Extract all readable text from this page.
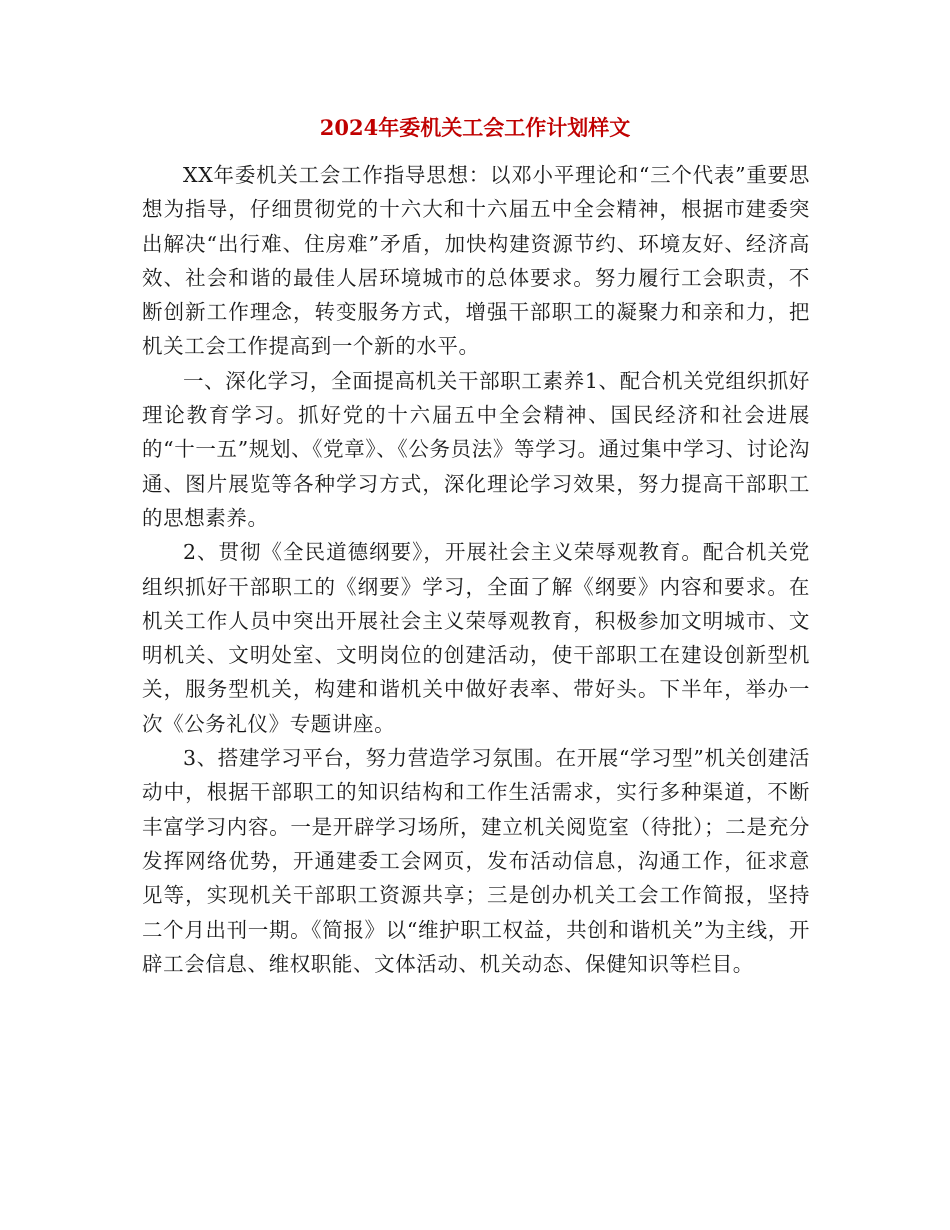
2024年委机关工会工作计划样文

XX年委机关工会工作指导思想：以邓小平理论和“三个代表”重要思想为指导，仔细贯彻党的十六大和十六届五中全会精神，根据市建委突出解决“出行难、住房难”矛盾，加快构建资源节约、环境友好、经济高效、社会和谐的最佳人居环境城市的总体要求。努力履行工会职责，不断创新工作理念，转变服务方式，增强干部职工的凝聚力和亲和力，把机关工会工作提高到一个新的水平。

一、深化学习，全面提高机关干部职工素养1、配合机关党组织抓好理论教育学习。抓好党的十六届五中全会精神、国民经济和社会进展的“十一五”规划、《党章》、《公务员法》等学习。通过集中学习、讨论沟通、图片展览等各种学习方式，深化理论学习效果，努力提高干部职工的思想素养。

2、贯彻《全民道德纲要》，开展社会主义荣辱观教育。配合机关党组织抓好干部职工的《纲要》学习，全面了解《纲要》内容和要求。在机关工作人员中突出开展社会主义荣辱观教育，积极参加文明城市、文明机关、文明处室、文明岗位的创建活动，使干部职工在建设创新型机关，服务型机关，构建和谐机关中做好表率、带好头。下半年，举办一次《公务礼仪》专题讲座。

3、搭建学习平台，努力营造学习氛围。在开展“学习型”机关创建活动中，根据干部职工的知识结构和工作生活需求，实行多种渠道，不断丰富学习内容。一是开辟学习场所，建立机关阅览室（待批）；二是充分发挥网络优势，开通建委工会网页，发布活动信息，沟通工作，征求意见等，实现机关干部职工资源共享；三是创办机关工会工作简报，坚持二个月出刊一期。《简报》以“维护职工权益，共创和谐机关”为主线，开辟工会信息、维权职能、文体活动、机关动态、保健知识等栏目。
